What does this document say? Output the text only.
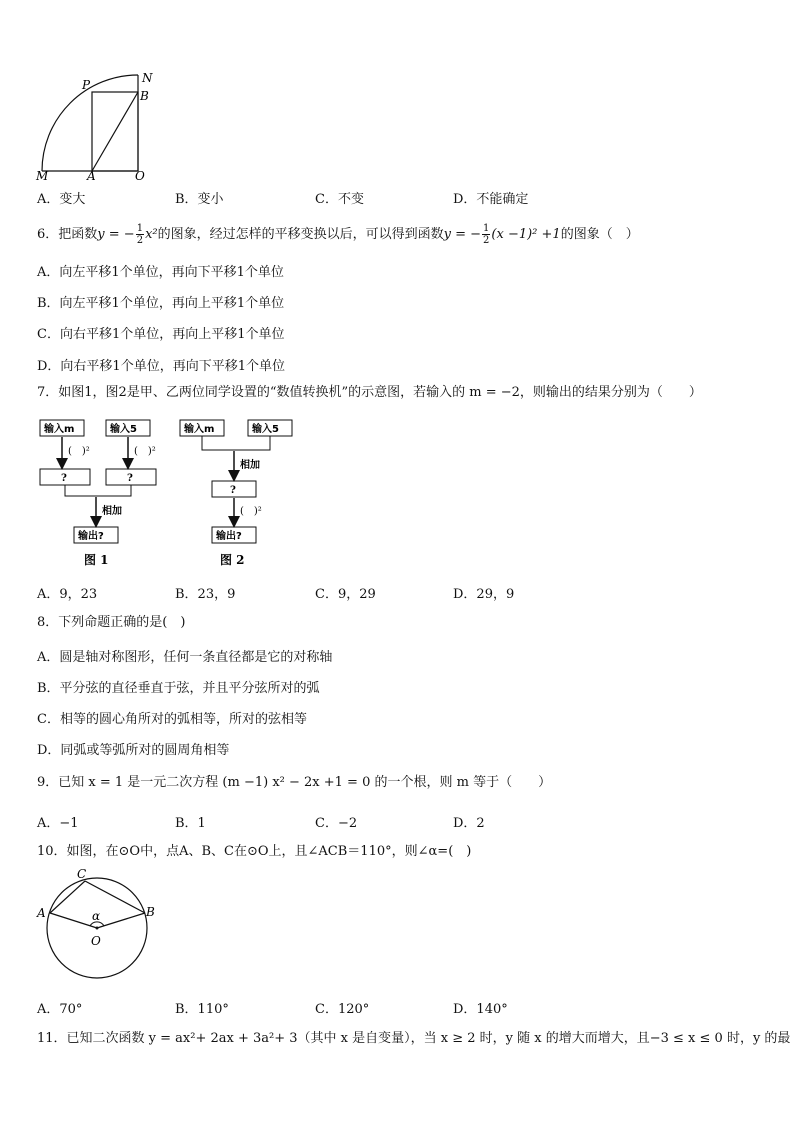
P	N
B
M	A	O
A．变大	B．变小	C．不变	D．不能确定
6．把函数y = − $\frac{1}{2} x^2$的图象，经过怎样的平移变换以后，可以得到函数y = − $\frac{1}{2} (x -1)^2 +1$的图象（　）
A．向左平移1个单位，再向下平移1个单位
B．向左平移1个单位，再向上平移1个单位
C．向右平移1个单位，再向上平移1个单位
D．向右平移1个单位，再向下平移1个单位
7．如图1，图2是甲、乙两位同学设置的“数值转换机”的示意图，若输入的 m = −2，则输出的结果分别为（　　）
输入m	输入5
(　)²	(　)²
?	?
相加
输出?
图 1
输入m	输入5
相加
?
(　)²
输出?
图 2
A．9，23	B．23，9	C．9，29	D．29，9
8．下列命题正确的是(　)
A．圆是轴对称图形，任何一条直径都是它的对称轴
B．平分弦的直径垂直于弦，并且平分弦所对的弧
C．相等的圆心角所对的弧相等，所对的弦相等
D．同弧或等弧所对的圆周角相等
9．已知 x = 1 是一元二次方程 (m −1) x² − 2x +1 = 0 的一个根，则 m 等于（　　）
A．−1	B．1	C．−2	D．2
10．如图，在⊙O中，点A、B、C在⊙O上，且∠ACB＝110°，则∠α=(　)
C
A	B
α
O
A．70°	B．110°	C．120°	D．140°
11．已知二次函数 y = ax²+ 2ax + 3a²+ 3（其中 x 是自变量），当 x ≥ 2 时，y 随 x 的增大而增大，且−3 ≤ x ≤ 0 时，y 的最
